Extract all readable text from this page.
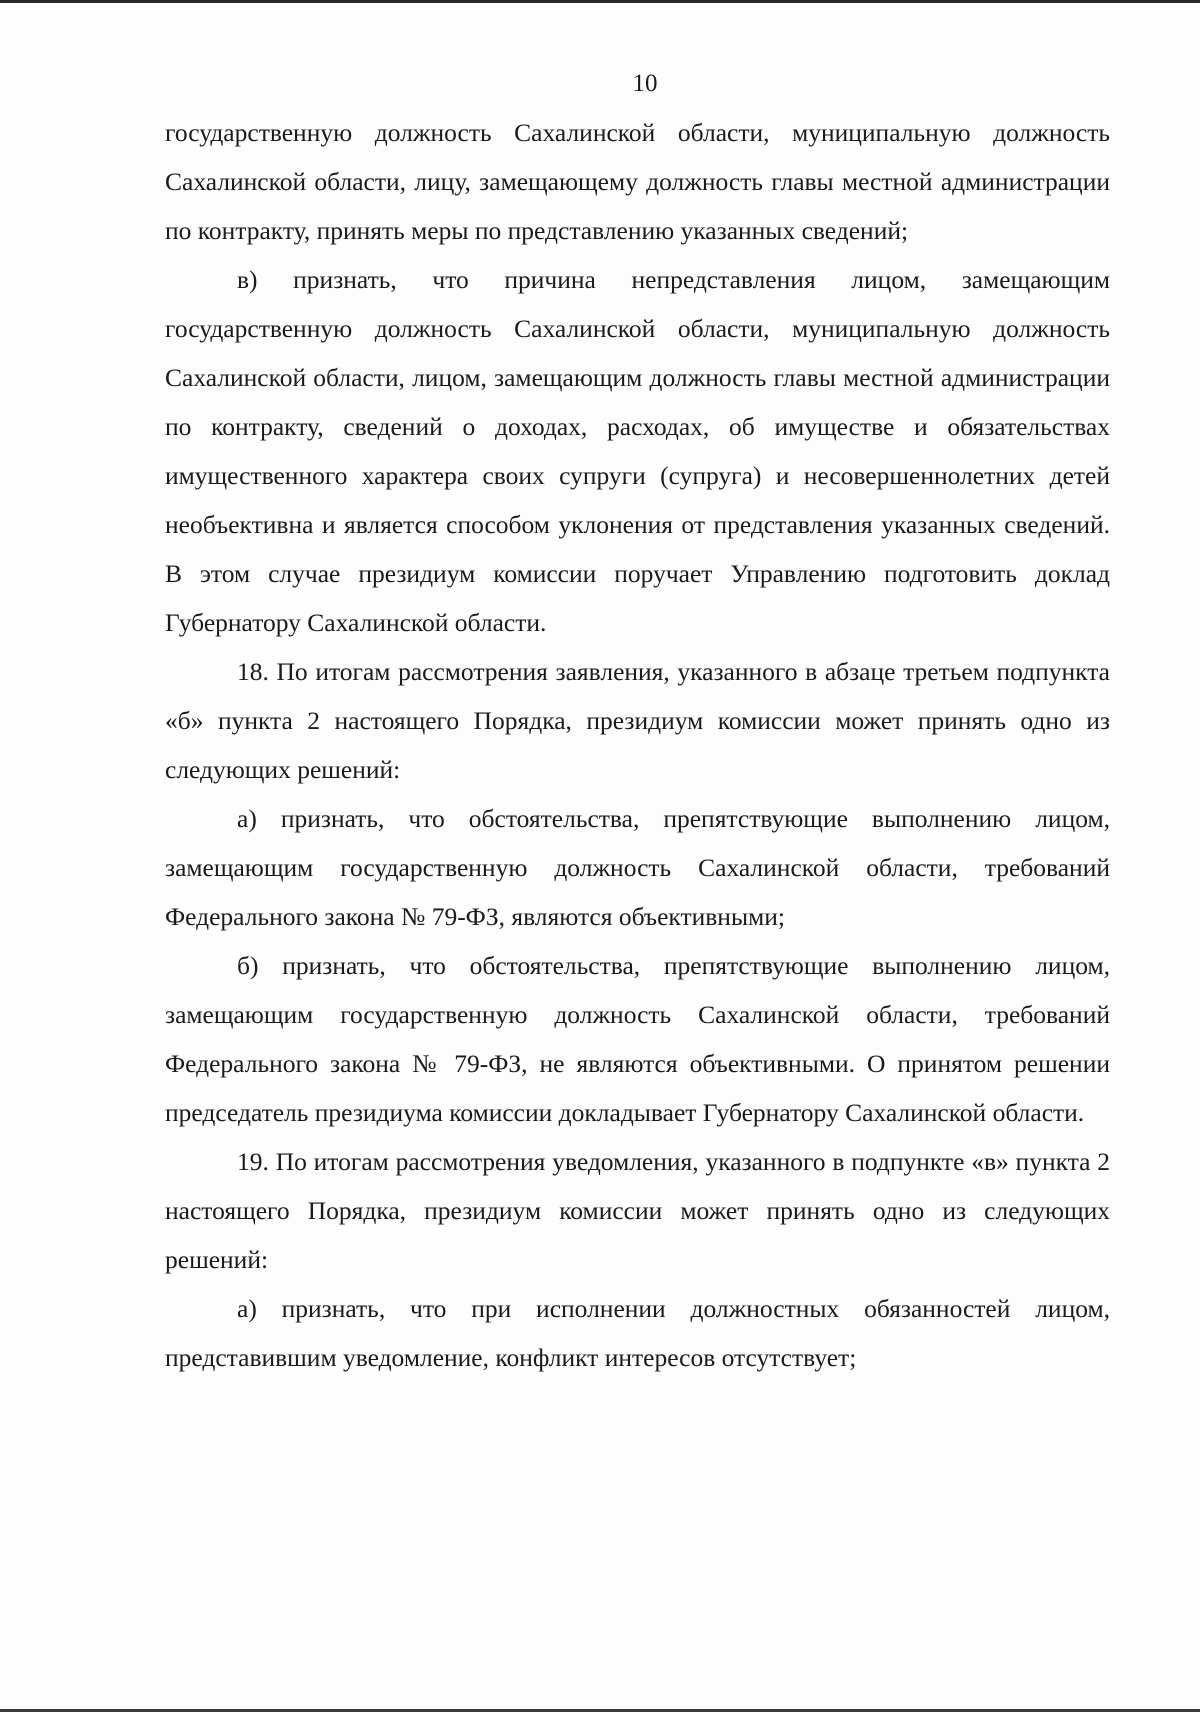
10

государственную должность Сахалинской области, муниципальную должность Сахалинской области, лицу, замещающему должность главы местной администрации по контракту, принять меры по представлению указанных сведений;

в) признать, что причина непредставления лицом, замещающим государственную должность Сахалинской области, муниципальную должность Сахалинской области, лицом, замещающим должность главы местной администрации по контракту, сведений о доходах, расходах, об имуществе и обязательствах имущественного характера своих супруги (супруга) и несовершеннолетних детей необъективна и является способом уклонения от представления указанных сведений. В этом случае президиум комиссии поручает Управлению подготовить доклад Губернатору Сахалинской области.

18. По итогам рассмотрения заявления, указанного в абзаце третьем подпункта «б» пункта 2 настоящего Порядка, президиум комиссии может принять одно из следующих решений:

а) признать, что обстоятельства, препятствующие выполнению лицом, замещающим государственную должность Сахалинской области, требований Федерального закона № 79-ФЗ, являются объективными;

б) признать, что обстоятельства, препятствующие выполнению лицом, замещающим государственную должность Сахалинской области, требований Федерального закона № 79-ФЗ, не являются объективными. О принятом решении председатель президиума комиссии докладывает Губернатору Сахалинской области.

19. По итогам рассмотрения уведомления, указанного в подпункте «в» пункта 2 настоящего Порядка, президиум комиссии может принять одно из следующих решений:

а) признать, что при исполнении должностных обязанностей лицом, представившим уведомление, конфликт интересов отсутствует;
